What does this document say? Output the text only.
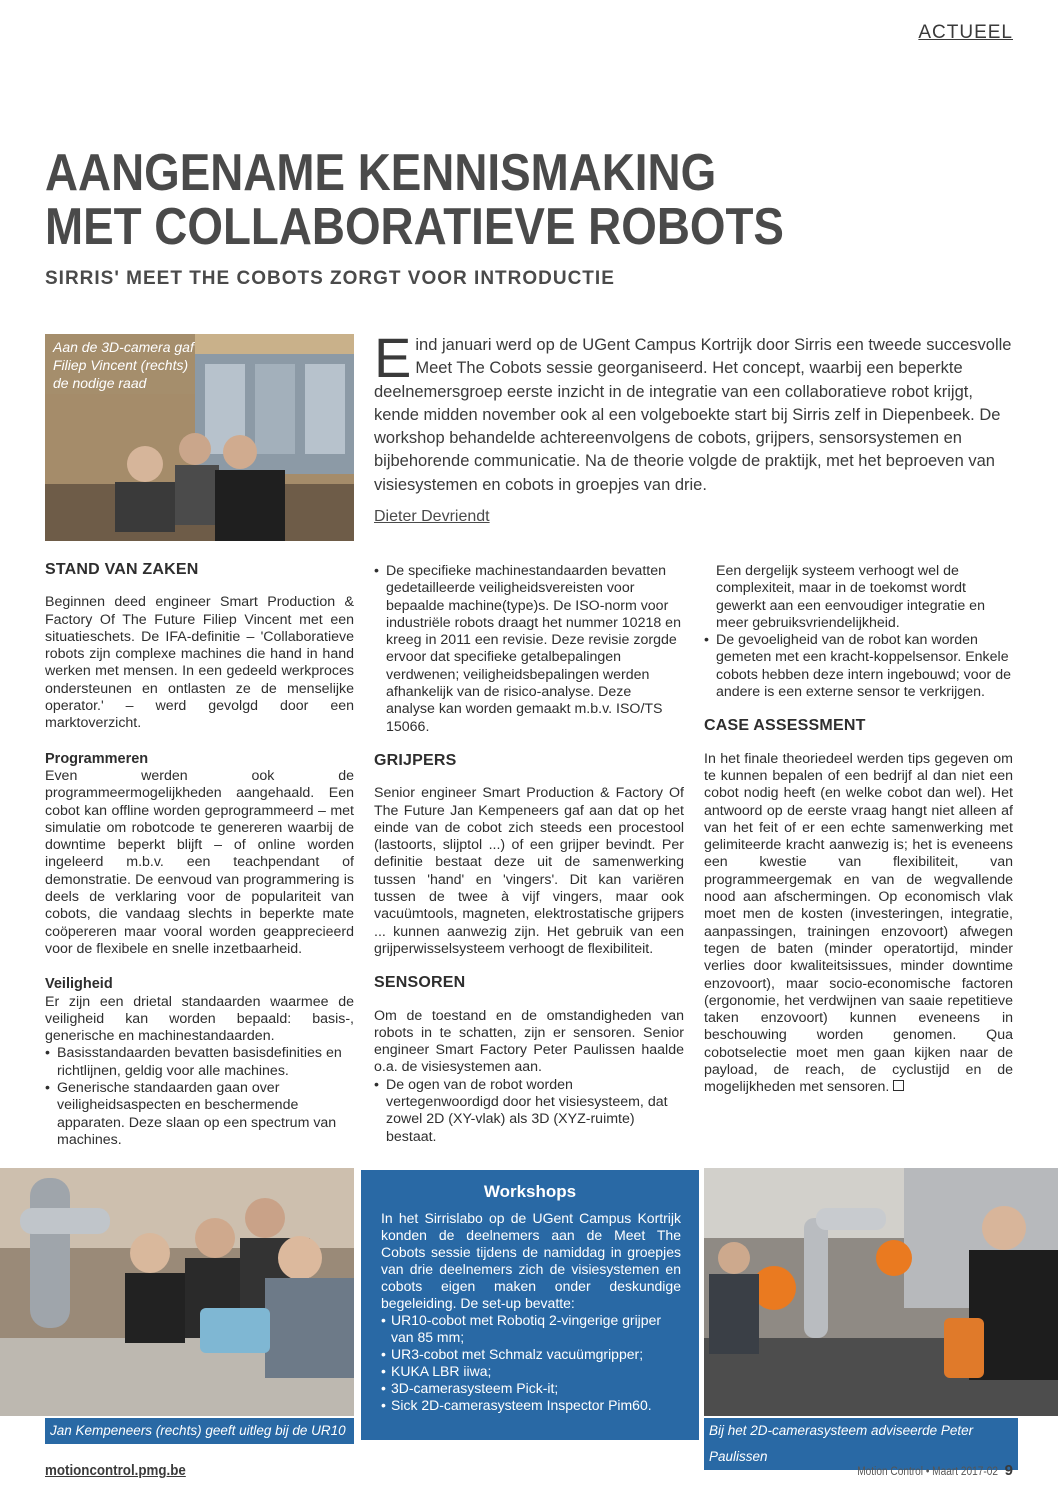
ACTUEEL
AANGENAME KENNISMAKING
MET COLLABORATIEVE ROBOTS
SIRRIS' MEET THE COBOTS ZORGT VOOR INTRODUCTIE
Aan de 3D-camera gaf
Filiep Vincent (rechts)
de nodige raad	Eind januari werd op de UGent Campus Kortrijk door Sirris een tweede succesvolle Meet The Cobots sessie georganiseerd. Het concept, waarbij een beperkte deelnemersgroep eerste inzicht in de integratie van een collaboratieve robot krijgt, kende midden november ook al een volgeboekte start bij Sirris zelf in Diepenbeek. De workshop behandelde achtereenvolgens de cobots, grijpers, sensorsystemen en bijbehorende communicatie. Na de theorie volgde de praktijk, met het beproeven van visiesystemen en cobots in groepjes van drie.
Dieter Devriendt
STAND VAN ZAKEN

Beginnen deed engineer Smart Production & Factory Of The Future Filiep Vincent met een situatieschets. De IFA-definitie – 'Collaboratieve robots zijn complexe machines die hand in hand werken met mensen. In een gedeeld werkproces ondersteunen en ontlasten ze de menselijke operator.' – werd gevolgd door een marktoverzicht.

Programmeren

Even werden ook de programmeermogelijkheden aangehaald. Een cobot kan offline worden geprogrammeerd – met simulatie om robotcode te genereren waarbij de downtime beperkt blijft – of online worden ingeleerd m.b.v. een teachpendant of demonstratie. De eenvoud van programmering is deels de verklaring voor de populariteit van cobots, die vandaag slechts in beperkte mate coöpereren maar vooral worden geapprecieerd voor de flexibele en snelle inzetbaarheid.

Veiligheid

Er zijn een drietal standaarden waarmee de veiligheid kan worden bepaald: basis-, generische en machinestandaarden.

• Basisstandaarden bevatten basisdefinities en richtlijnen, geldig voor alle machines.
• Generische standaarden gaan over veiligheidsaspecten en beschermende apparaten. Deze slaan op een spectrum van machines.
• De specifieke machinestandaarden bevatten gedetailleerde veiligheidsvereisten voor bepaalde machine(type)s. De ISO-norm voor industriële robots draagt het nummer 10218 en kreeg in 2011 een revisie. Deze revisie zorgde ervoor dat specifieke getalbepalingen verdwenen; veiligheidsbepalingen werden afhankelijk van de risico-analyse. Deze analyse kan worden gemaakt m.b.v. ISO/TS 15066.
GRIJPERS

Senior engineer Smart Production & Factory Of The Future Jan Kempeneers gaf aan dat op het einde van de cobot zich steeds een procestool (lastoorts, slijptol ...) of een grijper bevindt. Per definitie bestaat deze uit de samenwerking tussen 'hand' en 'vingers'. Dit kan variëren tussen de twee à vijf vingers, maar ook vacuümtools, magneten, elektrostatische grijpers ... kunnen aanwezig zijn. Het gebruik van een grijperwisselsysteem verhoogt de flexibiliteit.

SENSOREN

Om de toestand en de omstandigheden van robots in te schatten, zijn er sensoren. Senior engineer Smart Factory Peter Paulissen haalde o.a. de visiesystemen aan.

• De ogen van de robot worden vertegenwoordigd door het visiesysteem, dat zowel 2D (XY-vlak) als 3D (XYZ-ruimte) bestaat.

Een dergelijk systeem verhoogt wel de complexiteit, maar in de toekomst wordt gewerkt aan een eenvoudiger integratie en meer gebruiksvriendelijkheid.

• De gevoeligheid van de robot kan worden gemeten met een kracht-koppelsensor. Enkele cobots hebben deze intern ingebouwd; voor de andere is een externe sensor te verkrijgen.
CASE ASSESSMENT

In het finale theoriedeel werden tips gegeven om te kunnen bepalen of een bedrijf al dan niet een cobot nodig heeft (en welke cobot dan wel). Het antwoord op de eerste vraag hangt niet alleen af van het feit of er een echte samenwerking met gelimiteerde kracht aanwezig is; het is eveneens een kwestie van flexibiliteit, van programmeergemak en van de wegvallende nood aan afschermingen. Op economisch vlak moet men de kosten (investeringen, integratie, aanpassingen, trainingen enzovoort) afwegen tegen de baten (minder operatortijd, minder verlies door kwaliteitsissues, minder downtime enzovoort), maar socio-economische factoren (ergonomie, het verdwijnen van saaie repetitieve taken enzovoort) kunnen eveneens in beschouwing worden genomen. Qua cobotselectie moet men gaan kijken naar de payload, de reach, de cyclustijd en de mogelijkheden met sensoren.

Jan Kempeneers (rechts) geeft uitleg bij de UR10
Workshops

In het Sirrislabo op de UGent Campus Kortrijk konden de deelnemers aan de Meet The Cobots sessie tijdens de namiddag in groepjes van drie deelnemers zich de visiesystemen en cobots eigen maken onder deskundige begeleiding. De set-up bevatte:

• UR10-cobot met Robotiq 2-vingerige grijper van 85 mm;
• UR3-cobot met Schmalz vacuümgripper;
• KUKA LBR iiwa;
• 3D-camerasysteem Pick-it;
• Sick 2D-camerasysteem Inspector Pim60.
Bij het 2D-camerasysteem adviseerde Peter Paulissen
motioncontrol.pmg.be	Motion Control • Maart 2017-02 9
